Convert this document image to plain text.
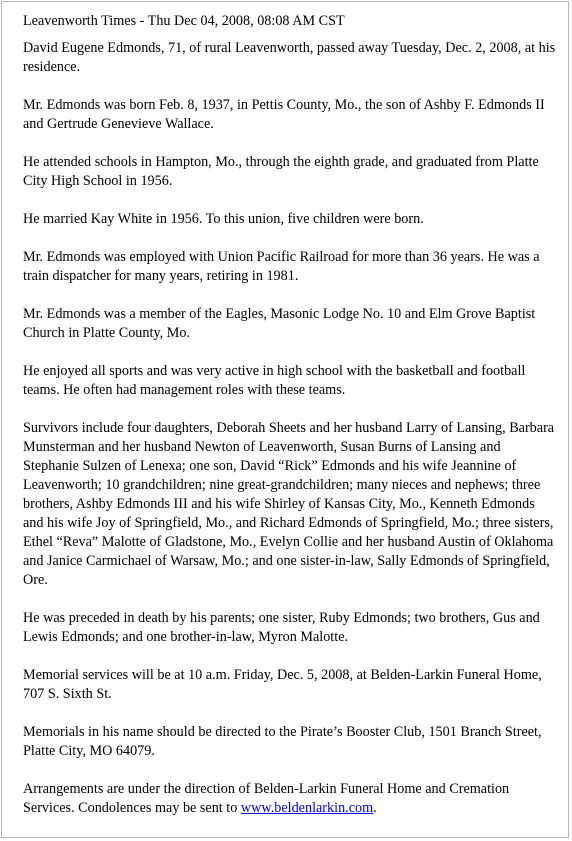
Leavenworth Times - Thu Dec 04, 2008, 08:08 AM CST

David Eugene Edmonds, 71, of rural Leavenworth, passed away Tuesday, Dec. 2, 2008, at his residence.

Mr. Edmonds was born Feb. 8, 1937, in Pettis County, Mo., the son of Ashby F. Edmonds II and Gertrude Genevieve Wallace.

He attended schools in Hampton, Mo., through the eighth grade, and graduated from Platte City High School in 1956.

He married Kay White in 1956. To this union, five children were born.

Mr. Edmonds was employed with Union Pacific Railroad for more than 36 years. He was a train dispatcher for many years, retiring in 1981.

Mr. Edmonds was a member of the Eagles, Masonic Lodge No. 10 and Elm Grove Baptist Church in Platte County, Mo.

He enjoyed all sports and was very active in high school with the basketball and football teams. He often had management roles with these teams.

Survivors include four daughters, Deborah Sheets and her husband Larry of Lansing, Barbara Munsterman and her husband Newton of Leavenworth, Susan Burns of Lansing and Stephanie Sulzen of Lenexa; one son, David “Rick” Edmonds and his wife Jeannine of Leavenworth; 10 grandchildren; nine great-grandchildren; many nieces and nephews; three brothers, Ashby Edmonds III and his wife Shirley of Kansas City, Mo., Kenneth Edmonds and his wife Joy of Springfield, Mo., and Richard Edmonds of Springfield, Mo.; three sisters, Ethel “Reva” Malotte of Gladstone, Mo., Evelyn Collie and her husband Austin of Oklahoma and Janice Carmichael of Warsaw, Mo.; and one sister-in-law, Sally Edmonds of Springfield, Ore.

He was preceded in death by his parents; one sister, Ruby Edmonds; two brothers, Gus and Lewis Edmonds; and one brother-in-law, Myron Malotte.

Memorial services will be at 10 a.m. Friday, Dec. 5, 2008, at Belden-Larkin Funeral Home, 707 S. Sixth St.

Memorials in his name should be directed to the Pirate’s Booster Club, 1501 Branch Street, Platte City, MO 64079.

Arrangements are under the direction of Belden-Larkin Funeral Home and Cremation Services. Condolences may be sent to www.beldenlarkin.com.
